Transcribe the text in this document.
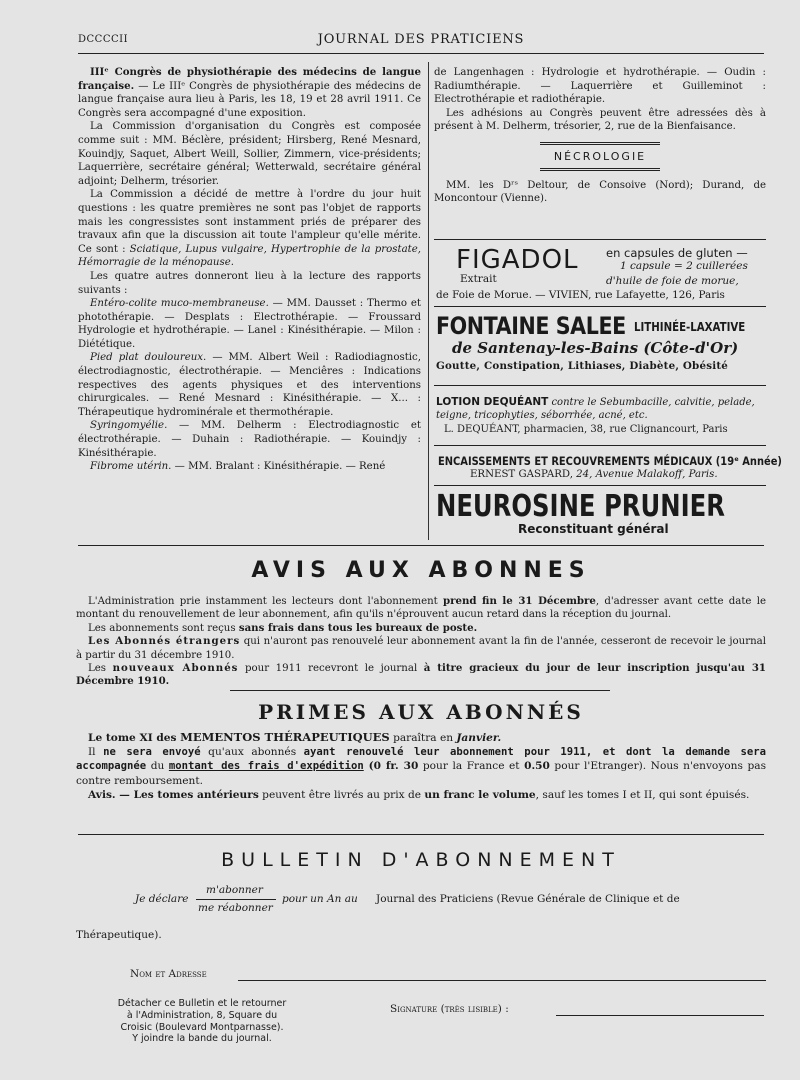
DCCCCII	JOURNAL DES PRATICIENS

IIIᵉ Congrès de physiothérapie des médecins de langue française. — Le IIIᵉ Congrès de physiothérapie des médecins de langue française aura lieu à Paris, les 18, 19 et 28 avril 1911. Ce Congrès sera accompagné d'une exposition.

La Commission d'organisation du Congrès est composée comme suit : MM. Béclère, président; Hirsberg, René Mesnard, Kouindjy, Saquet, Albert Weill, Sollier, Zimmern, vice-présidents; Laquerrière, secrétaire général; Wetterwald, secrétaire général adjoint; Delherm, trésorier.

La Commission a décidé de mettre à l'ordre du jour huit questions : les quatre premières ne sont pas l'objet de rapports mais les congressistes sont instamment priés de préparer des travaux afin que la discussion ait toute l'ampleur qu'elle mérite. Ce sont : Sciatique, Lupus vulgaire, Hypertrophie de la prostate, Hémorragie de la ménopause.

Les quatre autres donneront lieu à la lecture des rapports suivants :

Entéro-colite muco-membraneuse. — MM. Dausset : Thermo et photothérapie. — Desplats : Electrothérapie. — Froussard Hydrologie et hydrothérapie. — Lanel : Kinésithérapie. — Milon : Diététique.

Pied plat douloureux. — MM. Albert Weil : Radiodiagnostic, électrodiagnostic, électrothérapie. — Menciêres : Indications respectives des agents physiques et des interventions chirurgicales. — René Mesnard : Kinésithérapie. — X... : Thérapeutique hydrominérale et thermothérapie.

Syringomyélie. — MM. Delherm : Electrodiagnostic et électrothérapie. — Duhain : Radiothérapie. — Kouindjy : Kinésithérapie.

Fibrome utérin. — MM. Bralant : Kinésithérapie. — René

de Langenhagen : Hydrologie et hydrothérapie. — Oudin : Radiumthérapie. — Laquerrière et Guilleminot : Electrothérapie et radiothérapie.

Les adhésions au Congrès peuvent être adressées dès à présent à M. Delherm, trésorier, 2, rue de la Bienfaisance.

NÉCROLOGIE

MM. les Dʳˢ Deltour, de Consoive (Nord); Durand, de Moncontour (Vienne).

FIGADOL en capsules de gluten —
1 capsule = 2 cuillerées
Extrait	d'huile de foie de morue,
de Foie de Morue. — VIVIEN, rue Lafayette, 126, Paris
FONTAINE SALEE LITHINÉE-LAXATIVE
de Santenay-les-Bains (Côte-d'Or)
Goutte, Constipation, Lithiases, Diabète, Obésité
LOTION DEQUÉANT contre le Sebumbacille, calvitie, pelade,
teigne, tricophyties, séborrhée, acné, etc.
L. DEQUÉANT, pharmacien, 38, rue Clignancourt, Paris
ENCAISSEMENTS ET RECOUVREMENTS MÉDICAUX (19ᵉ Année)
ERNEST GASPARD, 24, Avenue Malakoff, Paris.
NEUROSINE PRUNIER
Reconstituant général
AVIS AUX ABONNES

L'Administration prie instamment les lecteurs dont l'abonnement prend fin le 31 Décembre, d'adresser avant cette date le montant du renouvellement de leur abonnement, afin qu'ils n'éprouvent aucun retard dans la réception du journal.

Les abonnements sont reçus sans frais dans tous les bureaux de poste.

Les Abonnés étrangers qui n'auront pas renouvelé leur abonnement avant la fin de l'année, cesseront de recevoir le journal à partir du 31 décembre 1910.

Les nouveaux Abonnés pour 1911 recevront le journal à titre gracieux du jour de leur inscription jusqu'au 31 Décembre 1910.

PRIMES AUX ABONNÉS

Le tome XI des MEMENTOS THÉRAPEUTIQUES paraîtra en Janvier.

Il ne sera envoyé qu'aux abonnés ayant renouvelé leur abonnement pour 1911, et dont la demande sera accompagnée du montant des frais d'expédition (0 fr. 30 pour la France et 0.50 pour l'Etranger). Nous n'envoyons pas contre remboursement.

Avis. — Les tomes antérieurs peuvent être livrés au prix de un franc le volume, sauf les tomes I et II, qui sont épuisés.

BULLETIN D'ABONNEMENT
Je déclare
m'abonner
me réabonner
pour un An au Journal des Praticiens (Revue Générale de Clinique et de
Thérapeutique).
Nom et Adresse
Détacher ce Bulletin et le retourner
à l'Administration, 8, Square du
Croisic (Boulevard Montparnasse).
Y joindre la bande du journal.
Signature (très lisible) :
